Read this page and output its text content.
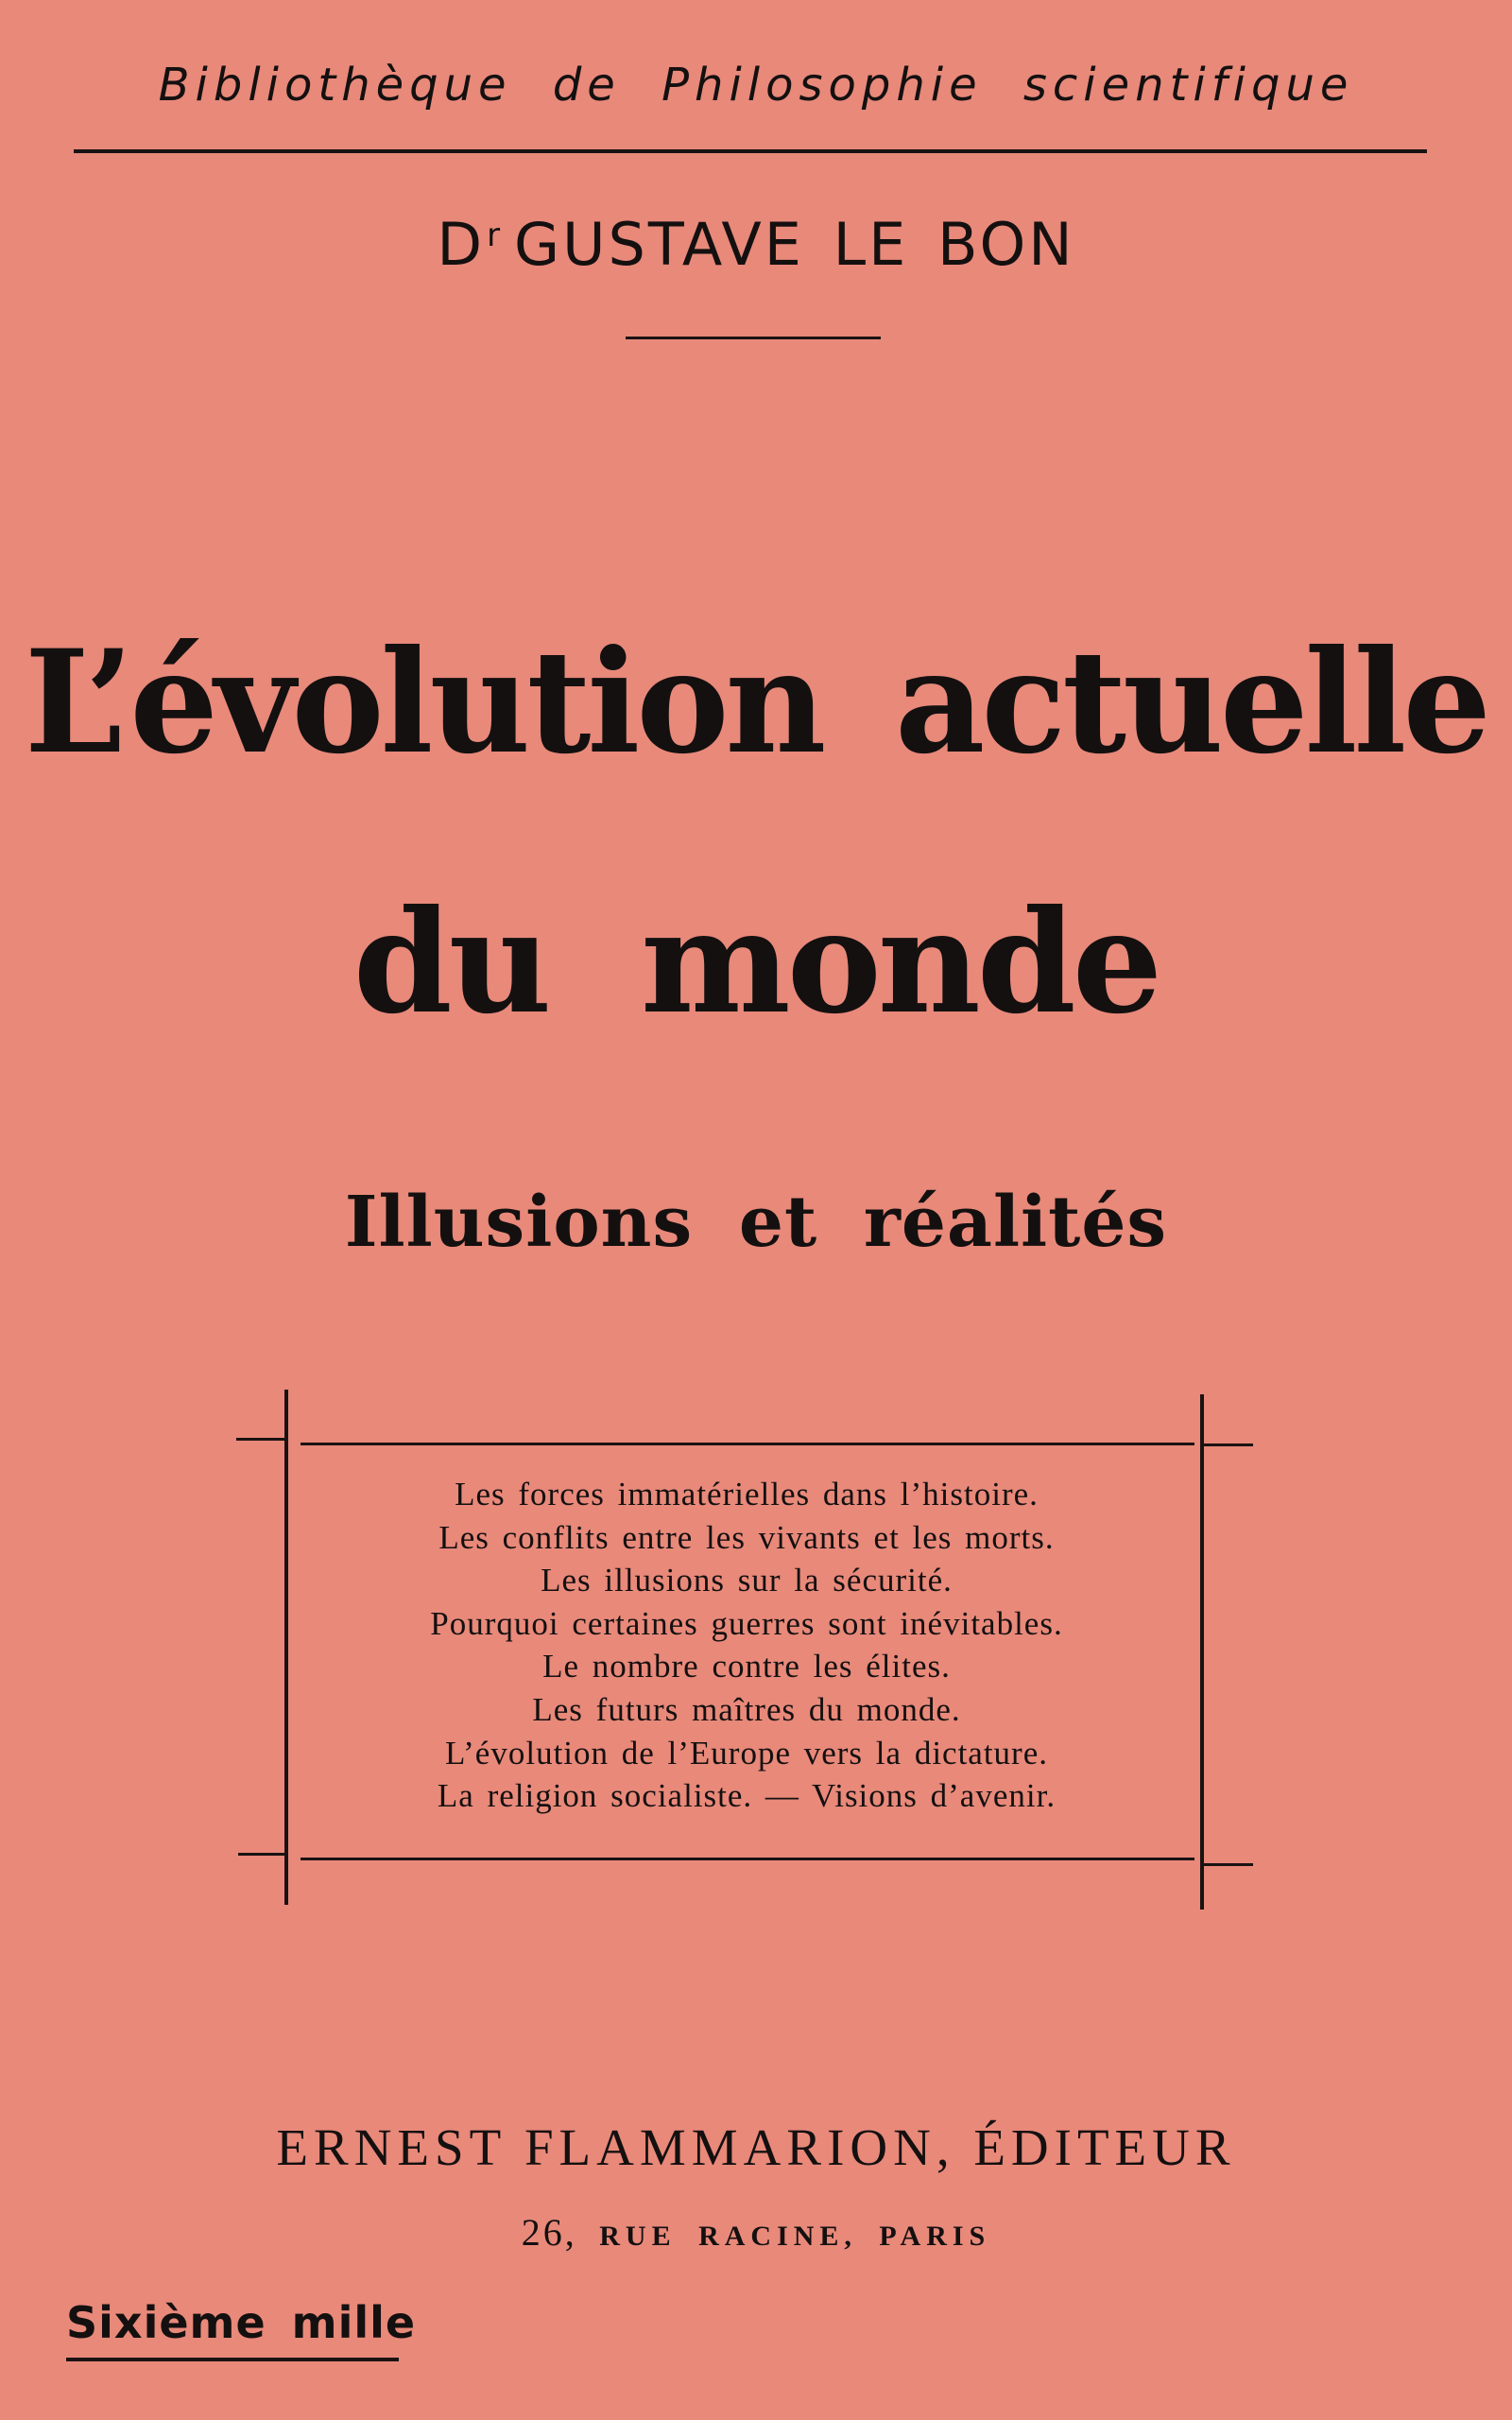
Bibliothèque de Philosophie scientifique
$D^r$ GUSTAVE LE BON
L’évolution actuelle
du monde
Illusions et réalités
Les forces immatérielles dans l’histoire.
Les conflits entre les vivants et les morts.
Les illusions sur la sécurité.
Pourquoi certaines guerres sont inévitables.
Le nombre contre les élites.
Les futurs maîtres du monde.
L’évolution de l’Europe vers la dictature.
La religion socialiste. — Visions d’avenir.
ERNEST FLAMMARION, ÉDITEUR
26, RUE RACINE, PARIS
Sixième mille
